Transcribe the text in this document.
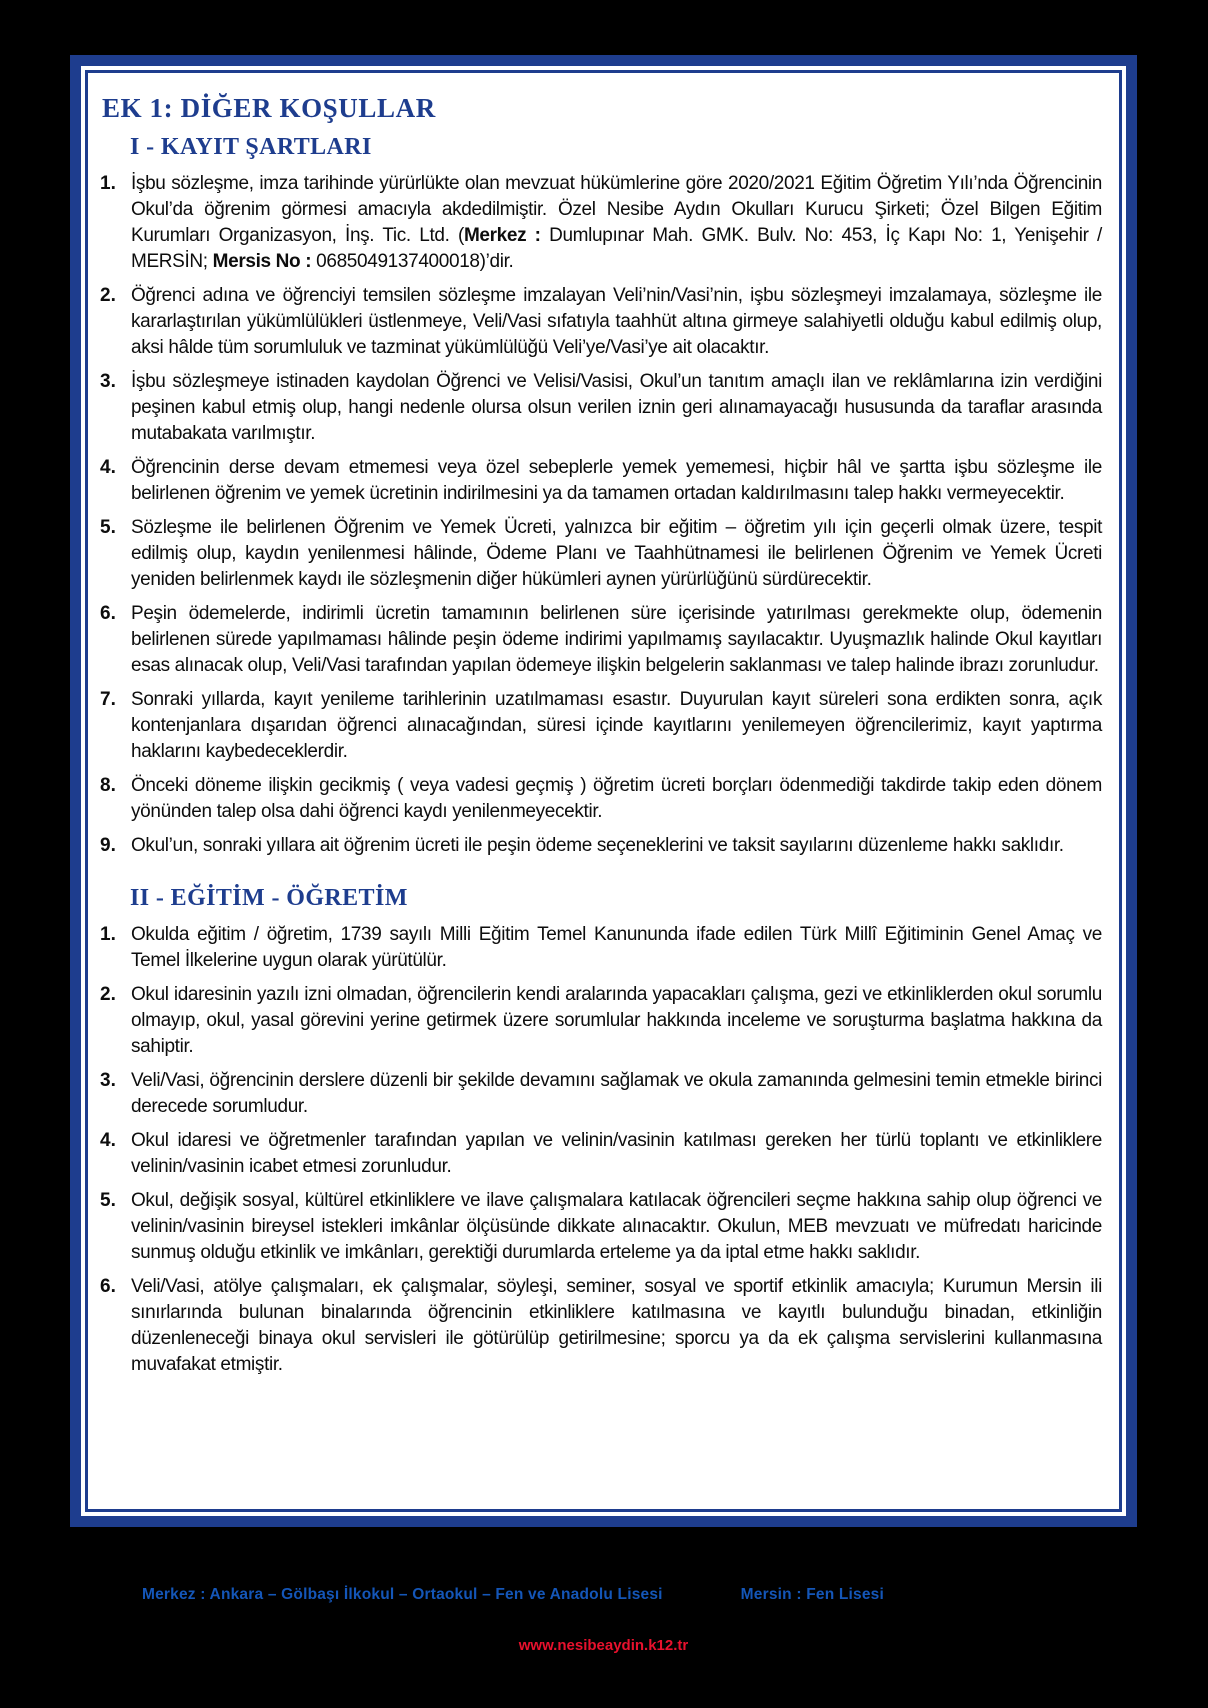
EK 1: DİĞER KOŞULLAR
I - KAYIT ŞARTLARI
1. İşbu sözleşme, imza tarihinde yürürlükte olan mevzuat hükümlerine göre 2020/2021 Eğitim Öğretim Yılı’nda Öğrencinin Okul’da öğrenim görmesi amacıyla akdedilmiştir. Özel Nesibe Aydın Okulları Kurucu Şirketi; Özel Bilgen Eğitim Kurumları Organizasyon, İnş. Tic. Ltd. (Merkez : Dumlupınar Mah. GMK. Bulv. No: 453, İç Kapı No: 1, Yenişehir / MERSİN; Mersis No : 0685049137400018)’dir.
2. Öğrenci adına ve öğrenciyi temsilen sözleşme imzalayan Veli’nin/Vasi’nin, işbu sözleşmeyi imzalamaya, sözleşme ile kararlaştırılan yükümlülükleri üstlenmeye, Veli/Vasi sıfatıyla taahhüt altına girmeye salahiyetli olduğu kabul edilmiş olup, aksi hâlde tüm sorumluluk ve tazminat yükümlülüğü Veli’ye/Vasi’ye ait olacaktır.
3. İşbu sözleşmeye istinaden kaydolan Öğrenci ve Velisi/Vasisi, Okul’un tanıtım amaçlı ilan ve reklâmlarına izin verdiğini peşinen kabul etmiş olup, hangi nedenle olursa olsun verilen iznin geri alınamayacağı hususunda da taraflar arasında mutabakata varılmıştır.
4. Öğrencinin derse devam etmemesi veya özel sebeplerle yemek yememesi, hiçbir hâl ve şartta işbu sözleşme ile belirlenen öğrenim ve yemek ücretinin indirilmesini ya da tamamen ortadan kaldırılmasını talep hakkı vermeyecektir.
5. Sözleşme ile belirlenen Öğrenim ve Yemek Ücreti, yalnızca bir eğitim – öğretim yılı için geçerli olmak üzere, tespit edilmiş olup, kaydın yenilenmesi hâlinde, Ödeme Planı ve Taahhütnamesi ile belirlenen Öğrenim ve Yemek Ücreti yeniden belirlenmek kaydı ile sözleşmenin diğer hükümleri aynen yürürlüğünü sürdürecektir.
6. Peşin ödemelerde, indirimli ücretin tamamının belirlenen süre içerisinde yatırılması gerekmekte olup, ödemenin belirlenen sürede yapılmaması hâlinde peşin ödeme indirimi yapılmamış sayılacaktır. Uyuşmazlık halinde Okul kayıtları esas alınacak olup, Veli/Vasi tarafından yapılan ödemeye ilişkin belgelerin saklanması ve talep halinde ibrazı zorunludur.
7. Sonraki yıllarda, kayıt yenileme tarihlerinin uzatılmaması esastır. Duyurulan kayıt süreleri sona erdikten sonra, açık kontenjanlara dışarıdan öğrenci alınacağından, süresi içinde kayıtlarını yenilemeyen öğrencilerimiz, kayıt yaptırma haklarını kaybedeceklerdir.
8. Önceki döneme ilişkin gecikmiş ( veya vadesi geçmiş ) öğretim ücreti borçları ödenmediği takdirde takip eden dönem yönünden talep olsa dahi öğrenci kaydı yenilenmeyecektir.
9. Okul’un, sonraki yıllara ait öğrenim ücreti ile peşin ödeme seçeneklerini ve taksit sayılarını düzenleme hakkı saklıdır.
II - EĞİTİM - ÖĞRETİM
1. Okulda eğitim / öğretim, 1739 sayılı Milli Eğitim Temel Kanununda ifade edilen Türk Millî Eğitiminin Genel Amaç ve Temel İlkelerine uygun olarak yürütülür.
2. Okul idaresinin yazılı izni olmadan, öğrencilerin kendi aralarında yapacakları çalışma, gezi ve etkinliklerden okul sorumlu olmayıp, okul, yasal görevini yerine getirmek üzere sorumlular hakkında inceleme ve soruşturma başlatma hakkına da sahiptir.
3. Veli/Vasi, öğrencinin derslere düzenli bir şekilde devamını sağlamak ve okula zamanında gelmesini temin etmekle birinci derecede sorumludur.
4. Okul idaresi ve öğretmenler tarafından yapılan ve velinin/vasinin katılması gereken her türlü toplantı ve etkinliklere velinin/vasinin icabet etmesi zorunludur.
5. Okul, değişik sosyal, kültürel etkinliklere ve ilave çalışmalara katılacak öğrencileri seçme hakkına sahip olup öğrenci ve velinin/vasinin bireysel istekleri imkânlar ölçüsünde dikkate alınacaktır. Okulun, MEB mevzuatı ve müfredatı haricinde sunmuş olduğu etkinlik ve imkânları, gerektiği durumlarda erteleme ya da iptal etme hakkı saklıdır.
6. Veli/Vasi, atölye çalışmaları, ek çalışmalar, söyleşi, seminer, sosyal ve sportif etkinlik amacıyla; Kurumun Mersin ili sınırlarında bulunan binalarında öğrencinin etkinliklere katılmasına ve kayıtlı bulunduğu binadan, etkinliğin düzenleneceği binaya okul servisleri ile götürülüp getirilmesine; sporcu ya da ek çalışma servislerini kullanmasına muvafakat etmiştir.
Merkez : Ankara – Gölbaşı İlkokul – Ortaokul – Fen ve Anadolu Lisesi	Mersin : Fen Lisesi
www.nesibeaydin.k12.tr
